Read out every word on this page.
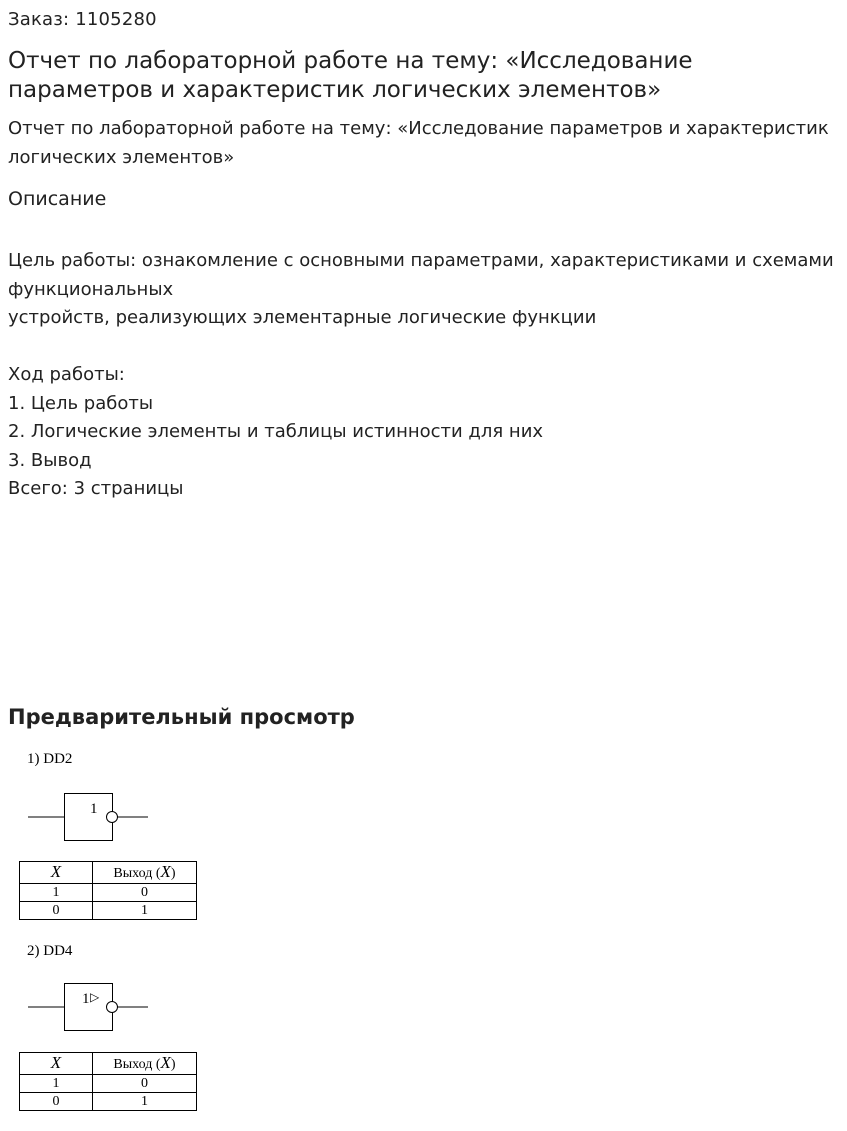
Заказ: 1105280
Отчет по лабораторной работе на тему: «Исследование параметров и характеристик логических элементов»
Отчет по лабораторной работе на тему: «Исследование параметров и характеристик логических элементов»
Описание
Цель работы: ознакомление с основными параметрами, характеристиками и схемами функциональных
устройств, реализующих элементарные логические функции
Ход работы:
1. Цель работы
2. Логические элементы и таблицы истинности для них
3. Вывод
Всего: 3 страницы
Предварительный просмотр
1) DD2
1
X	Выход $(\overline{X})$
1	0
0	1
2) DD4
1 ▷
X	Выход $(\overline{X})$
1	0
0	1
